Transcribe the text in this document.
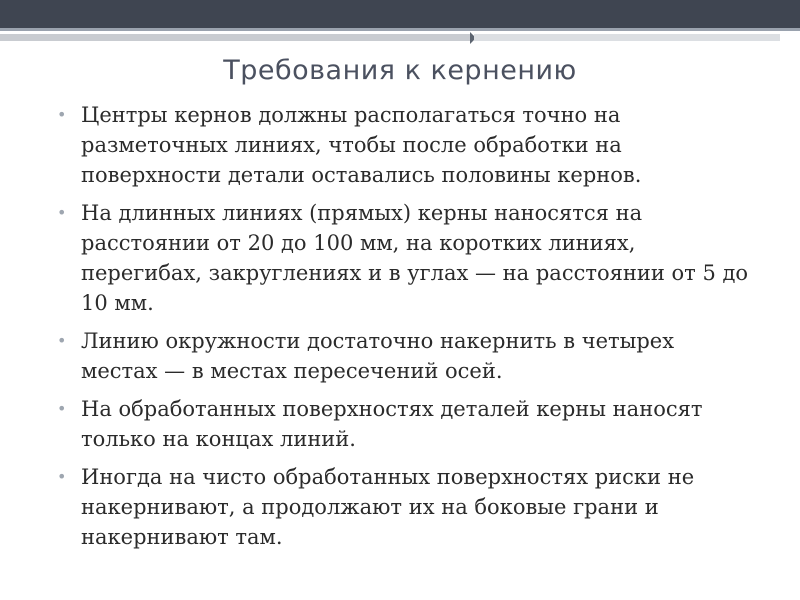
Требования к кернению
• Центры кернов должны располагаться точно на разметочных линиях, чтобы после обработки на поверхности детали оставались половины кернов.
• На длинных линиях (прямых) керны наносятся на расстоянии от 20 до 100 мм, на коротких линиях, перегибах, закруглениях и в углах — на расстоянии от 5 до 10 мм.
• Линию окружности достаточно накернить в четырех местах — в местах пересечений осей.
• На обработанных поверхностях деталей керны наносят только на концах линий.
• Иногда на чисто обработанных поверхностях риски не накернивают, а продолжают их на боковые грани и накернивают там.
